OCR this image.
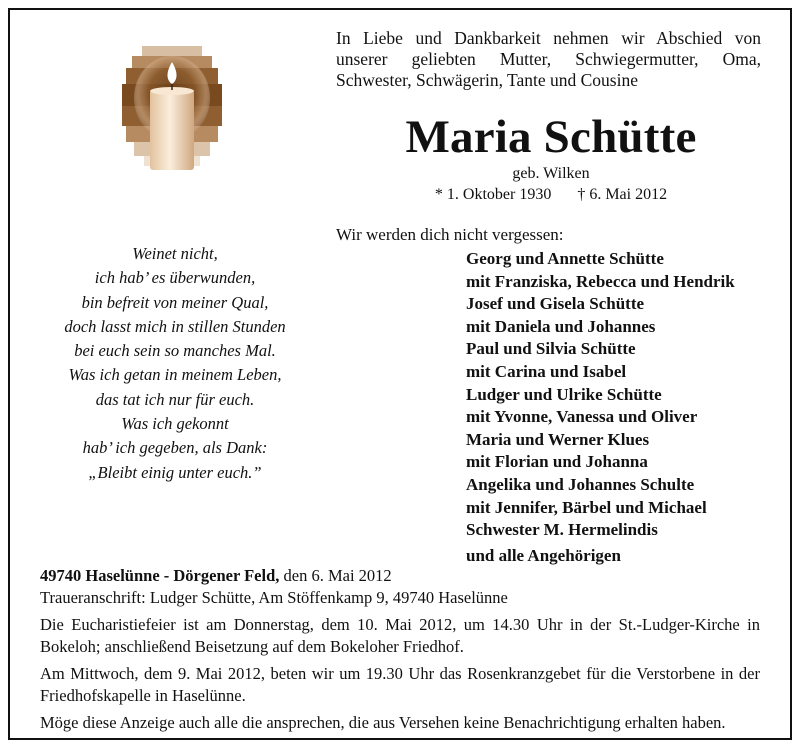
In Liebe und Dankbarkeit nehmen wir Abschied von
unserer geliebten Mutter, Schwiegermutter, Oma,
Schwester, Schwägerin, Tante und Cousine
Maria Schütte
geb. Wilken
* 1. Oktober 1930 † 6. Mai 2012
Weinet nicht,
ich hab’ es überwunden,
bin befreit von meiner Qual,
doch lasst mich in stillen Stunden
bei euch sein so manches Mal.
Was ich getan in meinem Leben,
das tat ich nur für euch.
Was ich gekonnt
hab’ ich gegeben, als Dank:
„Bleibt einig unter euch.”
Wir werden dich nicht vergessen:
Georg und Annette Schütte
mit Franziska, Rebecca und Hendrik
Josef und Gisela Schütte
mit Daniela und Johannes
Paul und Silvia Schütte
mit Carina und Isabel
Ludger und Ulrike Schütte
mit Yvonne, Vanessa und Oliver
Maria und Werner Klues
mit Florian und Johanna
Angelika und Johannes Schulte
mit Jennifer, Bärbel und Michael
Schwester M. Hermelindis
und alle Angehörigen

49740 Haselünne - Dörgener Feld, den 6. Mai 2012

Traueranschrift: Ludger Schütte, Am Stöffenkamp 9, 49740 Haselünne

Die Eucharistiefeier ist am Donnerstag, dem 10. Mai 2012, um 14.30 Uhr in der St.-Ludger-Kirche in Bokeloh; anschließend Beisetzung auf dem Bokeloher Friedhof.

Am Mittwoch, dem 9. Mai 2012, beten wir um 19.30 Uhr das Rosenkranzgebet für die Verstorbene in der Friedhofskapelle in Haselünne.

Möge diese Anzeige auch alle die ansprechen, die aus Versehen keine Benachrichtigung erhalten haben.
